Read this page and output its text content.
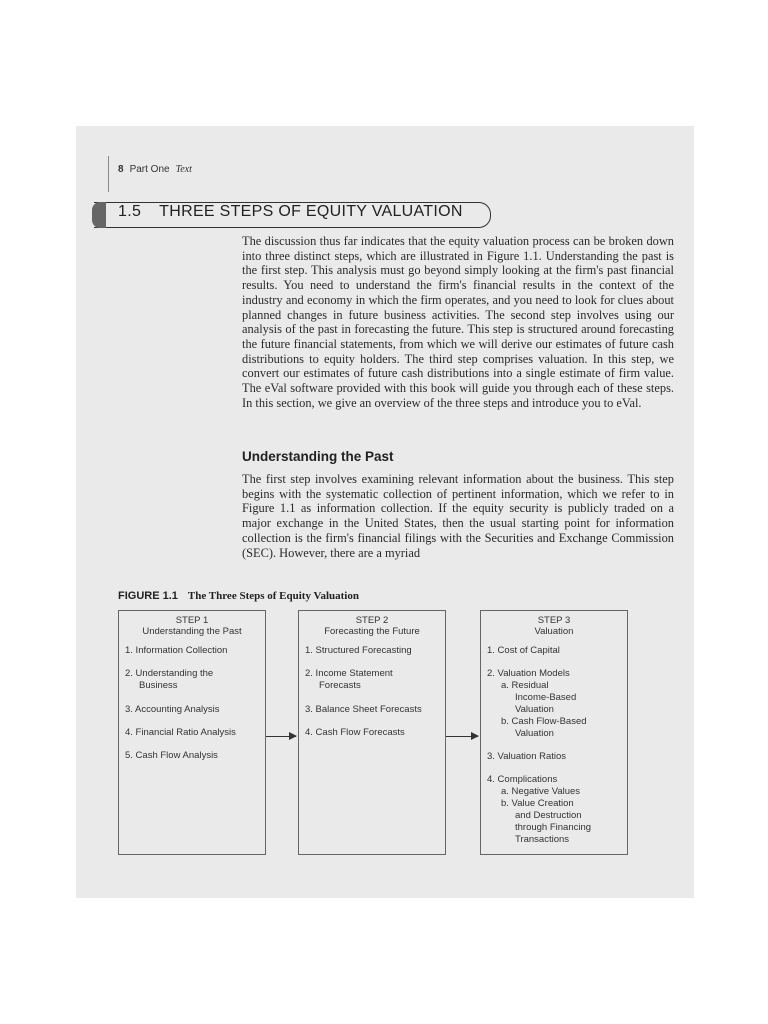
8 Part One Text
1.5 THREE STEPS OF EQUITY VALUATION
The discussion thus far indicates that the equity valuation process can be broken down into three distinct steps, which are illustrated in Figure 1.1. Understanding the past is the first step. This analysis must go beyond simply looking at the firm's past financial results. You need to understand the firm's financial results in the context of the industry and economy in which the firm operates, and you need to look for clues about planned changes in future business activities. The second step involves using our analysis of the past in forecasting the future. This step is structured around forecasting the future financial statements, from which we will derive our estimates of future cash distributions to equity holders. The third step comprises valuation. In this step, we convert our estimates of future cash distributions into a single estimate of firm value. The eVal software provided with this book will guide you through each of these steps. In this section, we give an overview of the three steps and introduce you to eVal.
Understanding the Past
The first step involves examining relevant information about the business. This step begins with the systematic collection of pertinent information, which we refer to in Figure 1.1 as information collection. If the equity security is publicly traded on a major exchange in the United States, then the usual starting point for information collection is the firm's financial filings with the Securities and Exchange Commission (SEC). However, there are a myriad
FIGURE 1.1 The Three Steps of Equity Valuation
STEP 1
Understanding the Past
1. Information Collection
2. Understanding the
Business
3. Accounting Analysis
4. Financial Ratio Analysis
5. Cash Flow Analysis
STEP 2
Forecasting the Future
1. Structured Forecasting
2. Income Statement
Forecasts
3. Balance Sheet Forecasts
4. Cash Flow Forecasts
STEP 3
Valuation
1. Cost of Capital
2. Valuation Models
a. Residual
Income-Based
Valuation
b. Cash Flow-Based
Valuation
3. Valuation Ratios
4. Complications
a. Negative Values
b. Value Creation
and Destruction
through Financing
Transactions
